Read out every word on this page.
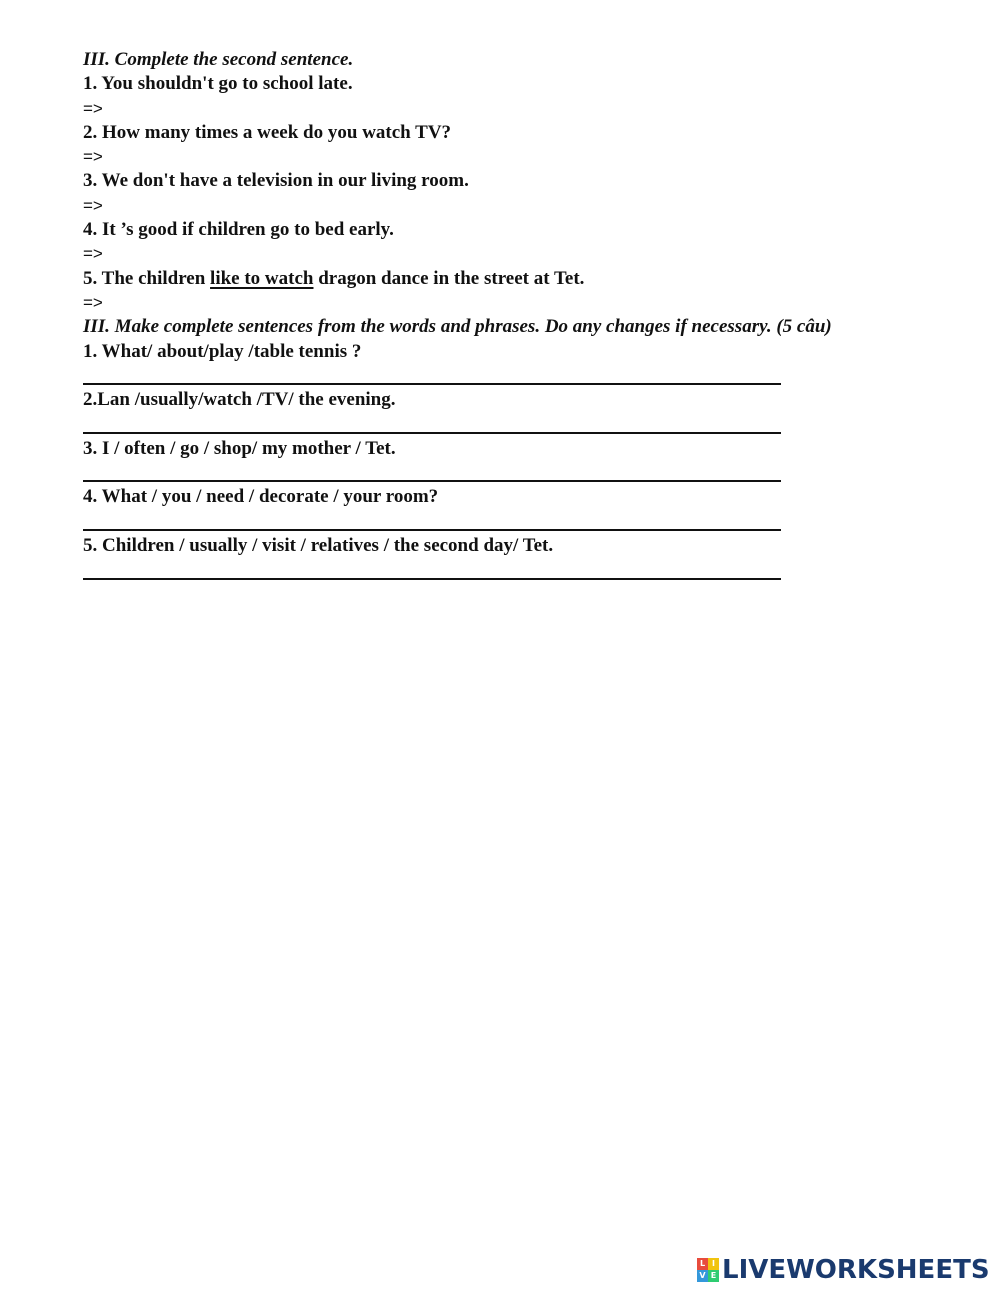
III. Complete the second sentence.
1. You shouldn't go to school late.
=>
2. How many times a week do you watch TV?
=>
3. We don't have a television in our living room.
=>
4. It ’s good if children go to bed early.
=>
5. The children like to watch dragon dance in the street at Tet.
=>
III. Make complete sentences from the words and phrases. Do any changes if necessary. (5 câu)
1. What/ about/play /table tennis ?
2.Lan /usually/watch /TV/ the evening.
3. I / often / go / shop/ my mother / Tet.
4. What / you / need / decorate / your room?
5. Children / usually / visit / relatives / the second day/ Tet.
L I
V E LIVEWORKSHEETS
